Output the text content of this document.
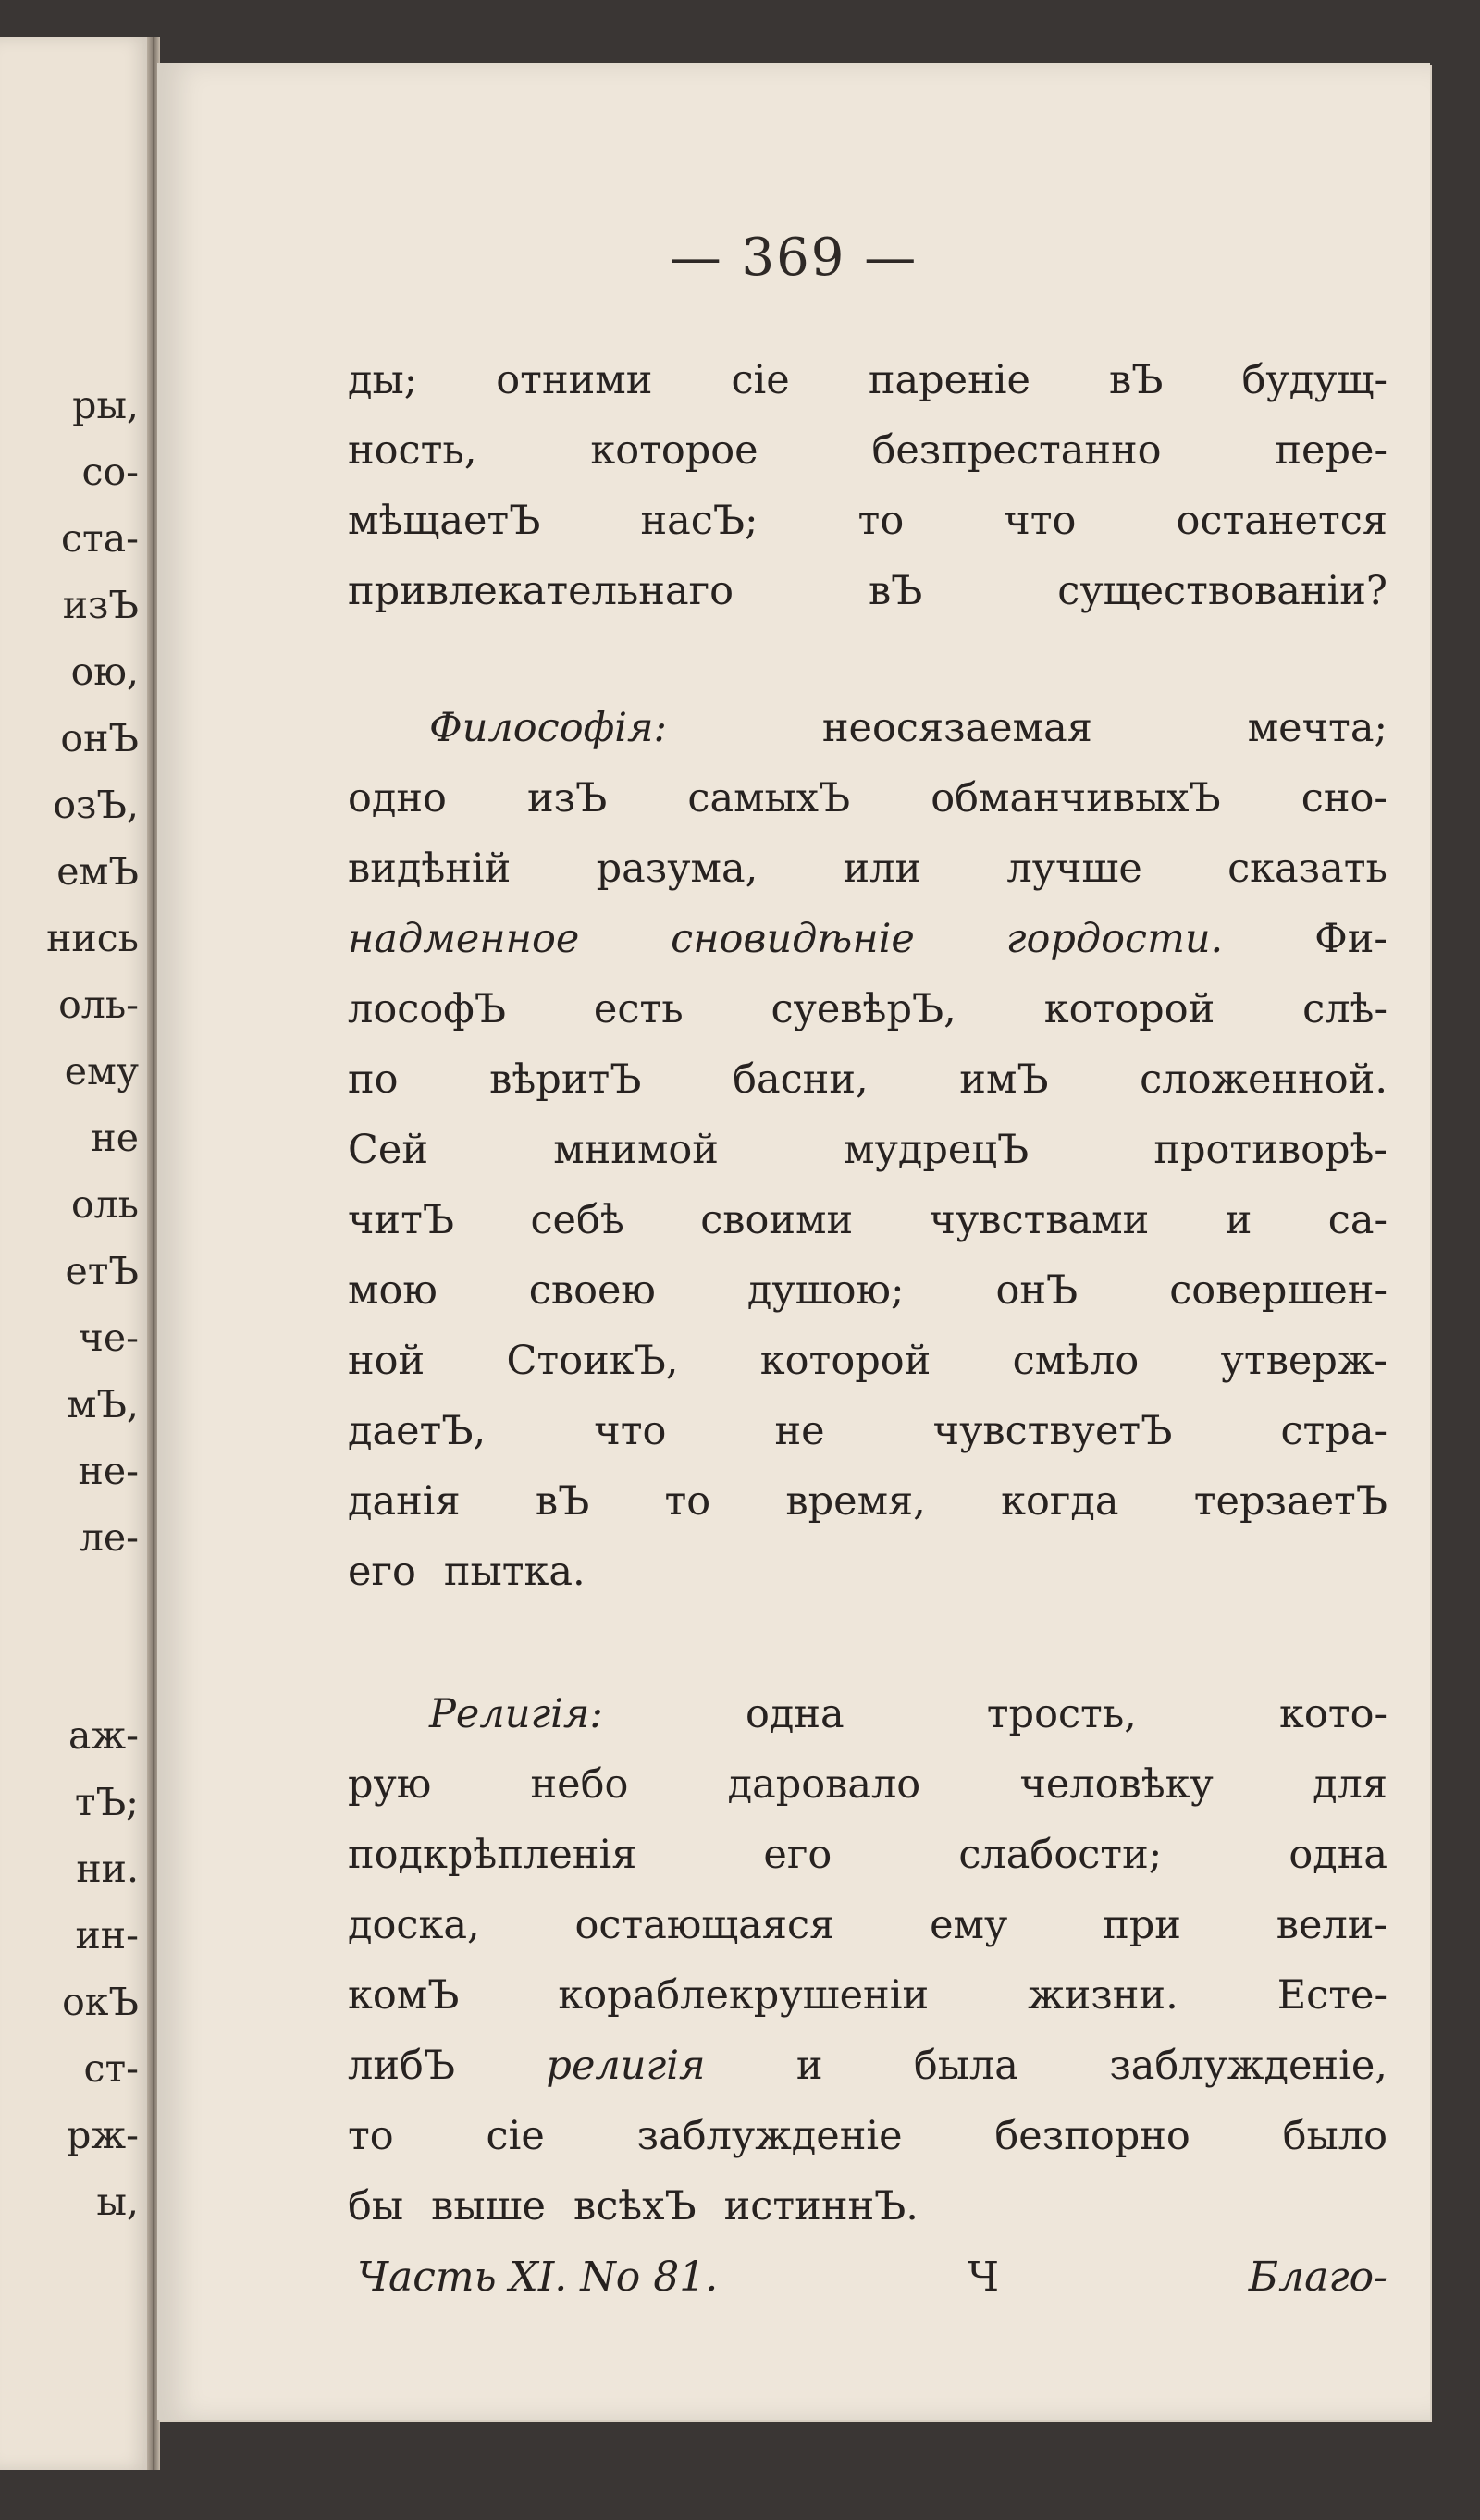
ры,
со-
ста-
изЪ
ою,
онЪ
озЪ,
емЪ
нись
оль-
ему
не
оль
етЪ
че-
мЪ,
не-
ле-
аж-
тЪ;
ни.
ин-
окЪ
ст-
рж-
ы,
— 369 —
ды; отними сiе паренiе вЪ будущ-
ность,	которое	безпрестанно	пере-
мѣщаетЪ	насЪ;	то	что	останется
привлекательнаго	вЪ	существованiи?
Философiя:	неосязаемая	мечта;
одно изЪ самыхЪ обманчивыхЪ сно-
видѣнiй разума, или лучше сказать
надменное сновидѣнiе гордости. Фи-
лософЪ есть суевѣрЪ, которой слѣ-
по вѣритЪ басни, имЪ сложенной.
Сей	мнимой	мудрецЪ	противорѣ-
читЪ себѣ своими чувствами и са-
мою своею душою; онЪ совершен-
ной СтоикЪ, которой смѣло утверж-
даетЪ,	что	не	чувствуетЪ	стра-
данiя вЪ то время, когда терзаетЪ
его пытка.
Религiя:	одна	трость,	кото-
рую небо даровало человѣку для
подкрѣпленiя	его	слабости;	одна
доска, остающаяся ему при вели-
комЪ кораблекрушенiи жизни. Есте-
либЪ религiя и была заблужденiе,
то сiе заблужденiе безпорно было
бы выше всѣхЪ истиннЪ.
Часть XI. No 81.	Ч	Благо-
